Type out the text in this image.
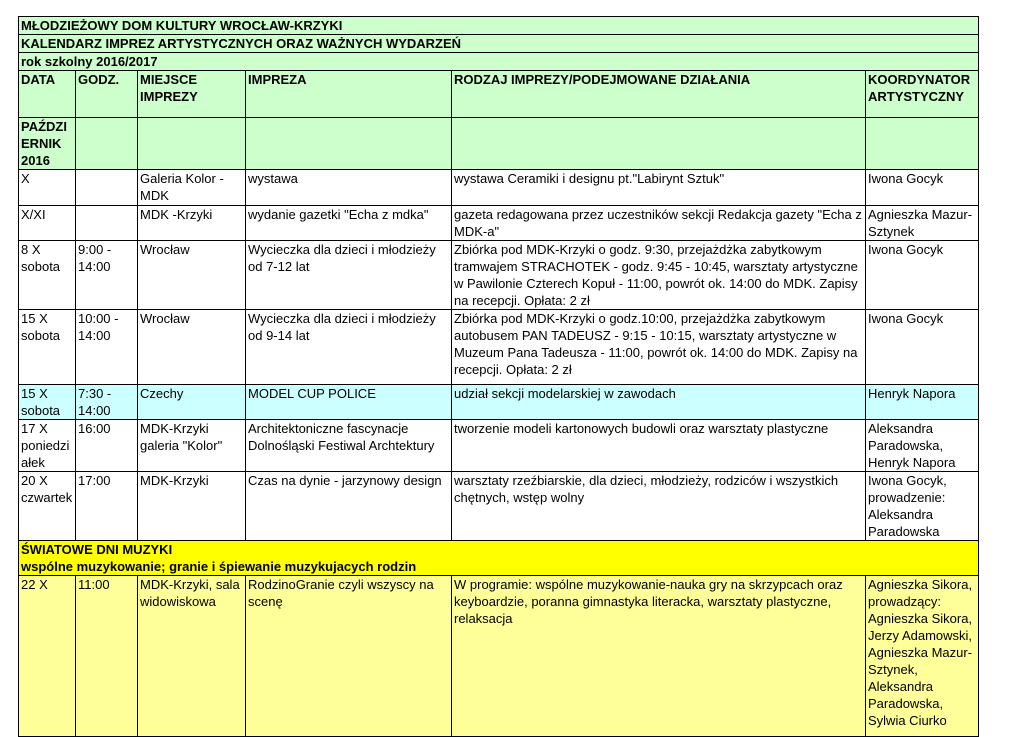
MŁODZIEŻOWY DOM KULTURY WROCŁAW-KRZYKI					
KALENDARZ IMPREZ ARTYSTYCZNYCH ORAZ WAŻNYCH WYDARZEŃ					
rok szkolny 2016/2017					
DATA	GODZ.	MIEJSCE IMPREZY	IMPREZA	RODZAJ IMPREZY/PODEJMOWANE DZIAŁANIA	KOORDYNATOR ARTYSTYCZNY
PAŹDZIERNIK 2016					
X		Galeria Kolor - MDK	wystawa	wystawa Ceramiki i designu pt."Labirynt Sztuk"	Iwona Gocyk
X/XI		MDK -Krzyki	wydanie gazetki "Echa z mdka"	gazeta redagowana przez uczestników sekcji Redakcja gazety "Echa z MDK-a"	Agnieszka Mazur-Sztynek
8 X sobota	9:00 - 14:00	Wrocław	Wycieczka dla dzieci i młodzieży od 7-12 lat	Zbiórka pod MDK-Krzyki o godz. 9:30, przejażdżka zabytkowym tramwajem STRACHOTEK - godz. 9:45 - 10:45, warsztaty artystyczne w Pawilonie Czterech Kopuł - 11:00, powrót ok. 14:00 do MDK. Zapisy na recepcji. Opłata: 2 zł	Iwona Gocyk
15 X sobota	10:00 - 14:00	Wrocław	Wycieczka dla dzieci i młodzieży od 9-14 lat	Zbiórka pod MDK-Krzyki o godz.10:00, przejażdżka zabytkowym autobusem PAN TADEUSZ - 9:15 - 10:15, warsztaty artystyczne w Muzeum Pana Tadeusza - 11:00, powrót ok. 14:00 do MDK. Zapisy na recepcji. Opłata: 2 zł	Iwona Gocyk
15 X sobota	7:30 - 14:00	Czechy	MODEL CUP POLICE	udział sekcji modelarskiej w zawodach	Henryk Napora
17 X poniedziałek	16:00	MDK-Krzyki galeria "Kolor"	Architektoniczne fascynacje Dolnośląski Festiwal Archtektury	tworzenie modeli kartonowych budowli oraz warsztaty plastyczne	Aleksandra Paradowska, Henryk Napora
20 X czwartek	17:00	MDK-Krzyki	Czas na dynie - jarzynowy design	warsztaty rzeźbiarskie, dla dzieci, młodzieży, rodziców i wszystkich chętnych, wstęp wolny	Iwona Gocyk, prowadzenie: Aleksandra Paradowska

ŚWIATOWE DNI MUZYKI
wspólne muzykowanie; granie i śpiewanie muzykujacych rodzin					

22 X	11:00	MDK-Krzyki, sala widowiskowa	RodzinoGranie czyli wszyscy na scenę	W programie: wspólne muzykowanie-nauka gry na skrzypcach oraz keyboardzie, poranna gimnastyka literacka, warsztaty plastyczne, relaksacja	Agnieszka Sikora, prowadzący: Agnieszka Sikora, Jerzy Adamowski, Agnieszka Mazur-Sztynek, Aleksandra Paradowska, Sylwia Ciurko
